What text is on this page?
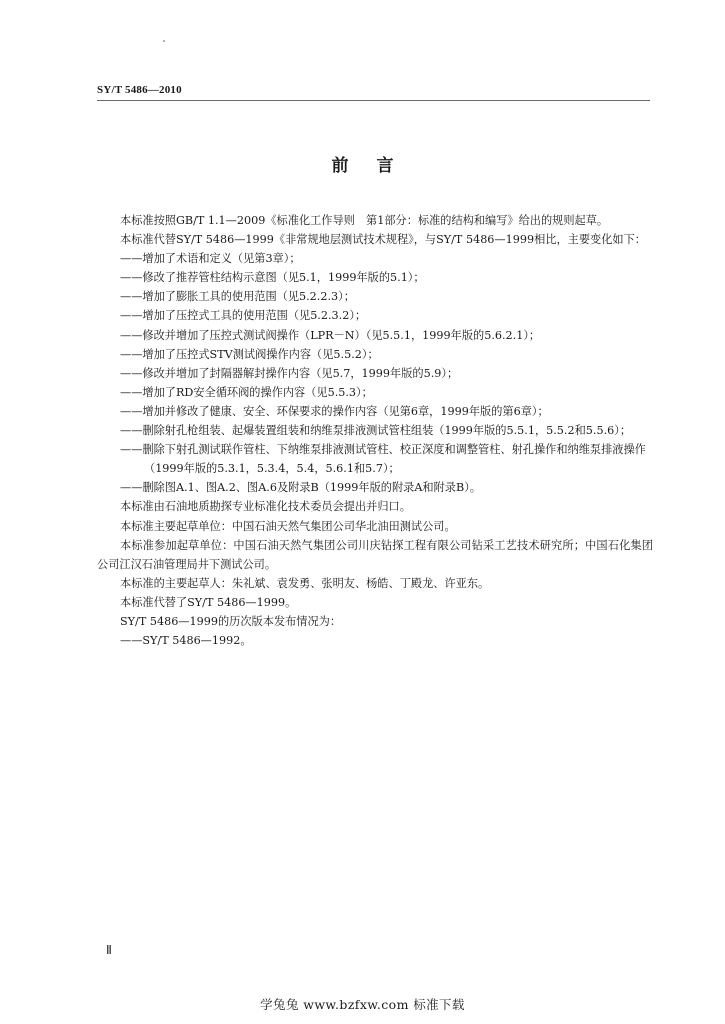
SY/T 5486—2010
前言

本标准按照GB/T 1.1—2009《标准化工作导则　第1部分：标准的结构和编写》给出的规则起草。

本标准代替SY/T 5486—1999《非常规地层测试技术规程》，与SY/T 5486—1999相比，主要变化如下：

——增加了术语和定义（见第3章）；

——修改了推荐管柱结构示意图（见5.1，1999年版的5.1）；

——增加了膨胀工具的使用范围（见5.2.2.3）；

——增加了压控式工具的使用范围（见5.2.3.2）；

——修改并增加了压控式测试阀操作（LPR－N）（见5.5.1，1999年版的5.6.2.1）；

——增加了压控式STV测试阀操作内容（见5.5.2）；

——修改并增加了封隔器解封操作内容（见5.7，1999年版的5.9）；

——增加了RD安全循环阀的操作内容（见5.5.3）；

——增加并修改了健康、安全、环保要求的操作内容（见第6章，1999年版的第6章）；

——删除射孔枪组装、起爆装置组装和纳维泵排液测试管柱组装（1999年版的5.5.1，5.5.2和5.5.6）；

——删除下射孔测试联作管柱、下纳维泵排液测试管柱、校正深度和调整管柱、射孔操作和纳维泵排液操作（1999年版的5.3.1，5.3.4，5.4，5.6.1和5.7）；

——删除图A.1、图A.2、图A.6及附录B（1999年版的附录A和附录B）。

本标准由石油地质勘探专业标准化技术委员会提出并归口。

本标准主要起草单位：中国石油天然气集团公司华北油田测试公司。

本标准参加起草单位：中国石油天然气集团公司川庆钻探工程有限公司钻采工艺技术研究所；中国石化集团公司江汉石油管理局井下测试公司。

本标准的主要起草人：朱礼斌、袁发勇、张明友、杨皓、丁殿龙、许亚东。

本标准代替了SY/T 5486—1999。

SY/T 5486—1999的历次版本发布情况为：

——SY/T 5486—1992。

Ⅱ
学兔兔 www.bzfxw.com 标准下载
